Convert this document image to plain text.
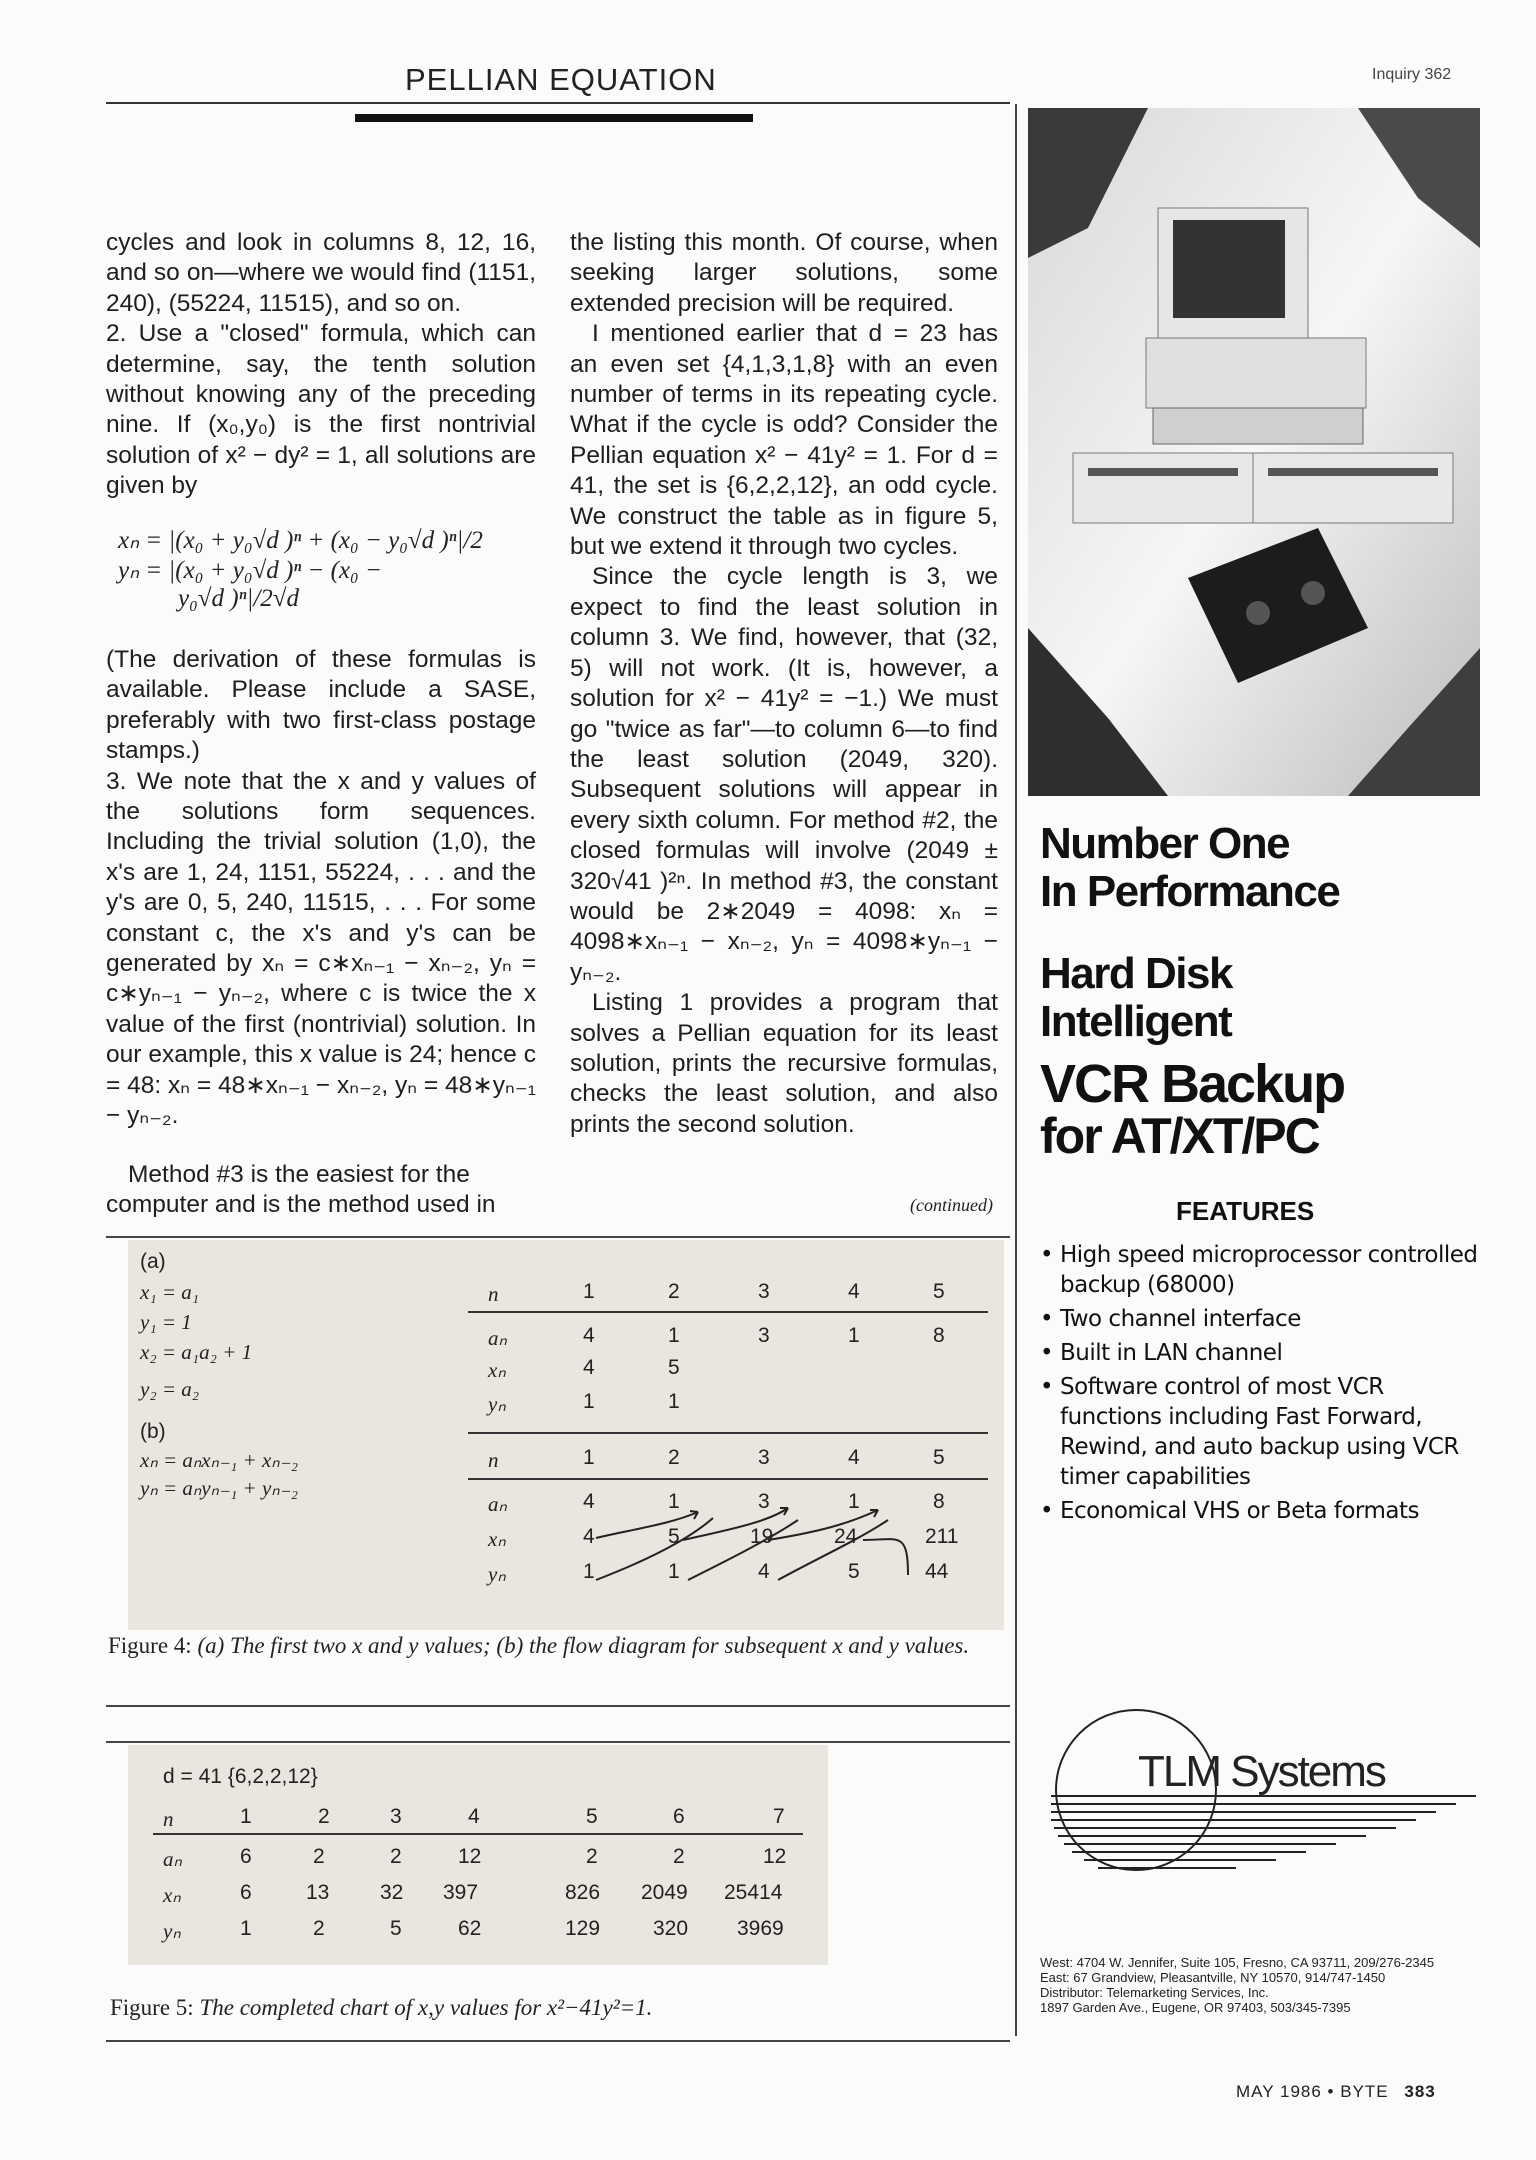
PELLIAN EQUATION	Inquiry 362

cycles and look in columns 8, 12, 16, and so on—where we would find (1151, 240), (55224, 11515), and so on.

2. Use a "closed" formula, which can determine, say, the tenth solution without knowing any of the preceding nine. If (x₀,y₀) is the first nontrivial solution of x² − dy² = 1, all solutions are given by

xₙ = |(x₀ + y₀√d )ⁿ + (x₀ − y₀√d )ⁿ|/2
yₙ = |(x₀ + y₀√d )ⁿ − (x₀ −
y₀√d )ⁿ|/2√d

(The derivation of these formulas is available. Please include a SASE, preferably with two first-class postage stamps.)

3. We note that the x and y values of the solutions form sequences. Including the trivial solution (1,0), the x's are 1, 24, 1151, 55224, . . . and the y's are 0, 5, 240, 11515, . . . For some constant c, the x's and y's can be generated by xₙ = c∗xₙ₋₁ − xₙ₋₂, yₙ = c∗yₙ₋₁ − yₙ₋₂, where c is twice the x value of the first (nontrivial) solution. In our example, this x value is 24; hence c = 48: xₙ = 48∗xₙ₋₁ − xₙ₋₂, yₙ = 48∗yₙ₋₁ − yₙ₋₂.

Method #3 is the easiest for the computer and is the method used in

the listing this month. Of course, when seeking larger solutions, some extended precision will be required.

I mentioned earlier that d = 23 has an even set {4,1,3,1,8} with an even number of terms in its repeating cycle. What if the cycle is odd? Consider the Pellian equation x² − 41y² = 1. For d = 41, the set is {6,2,2,12}, an odd cycle. We construct the table as in figure 5, but we extend it through two cycles.

Since the cycle length is 3, we expect to find the least solution in column 3. We find, however, that (32, 5) will not work. (It is, however, a solution for x² − 41y² = −1.) We must go "twice as far"—to column 6—to find the least solution (2049, 320). Subsequent solutions will appear in every sixth column. For method #2, the closed formulas will involve (2049 ± 320√41 )²ⁿ. In method #3, the constant would be 2∗2049 = 4098: xₙ = 4098∗xₙ₋₁ − xₙ₋₂, yₙ = 4098∗yₙ₋₁ − yₙ₋₂.

Listing 1 provides a program that solves a Pellian equation for its least solution, prints the recursive formulas, checks the least solution, and also prints the second solution.

(continued)
(a)
x₁ = a₁
y₁ = 1
x₂ = a₁a₂ + 1
y₂ = a₂
(b)
xₙ = aₙxₙ₋₁ + xₙ₋₂
yₙ = aₙyₙ₋₁ + yₙ₋₂
n	1	2	3	4	5
aₙ	4	1	3	1	8
xₙ	4	5
yₙ	1	1
n	1	2	3	4	5
aₙ	4	1	3	1	8
xₙ	4	5	19	24	211
yₙ	1	1	4	5	44
Figure 4: (a) The first two x and y values; (b) the flow diagram for subsequent x and y values.
d = 41 {6,2,2,12}
n	1	2	3	4	5	6	7
aₙ	6	2	2	12	2	2	12
xₙ	6	13 32 397	826 2049 25414
yₙ	1	2	5	62	129	320 3969
Figure 5: The completed chart of x,y values for x²−41y²=1.
Number One
In Performance
Hard Disk
Intelligent
VCR Backup
for AT/XT/PC
FEATURES
• High speed microprocessor controlled backup (68000)
• Two channel interface
• Built in LAN channel
• Software control of most VCR functions including Fast Forward, Rewind, and auto backup using VCR timer capabilities
• Economical VHS or Beta formats
TLM Systems
West: 4704 W. Jennifer, Suite 105, Fresno, CA 93711, 209/276-2345
East: 67 Grandview, Pleasantville, NY 10570, 914/747-1450
Distributor: Telemarketing Services, Inc.
1897 Garden Ave., Eugene, OR 97403, 503/345-7395
MAY 1986 • BYTE 383
